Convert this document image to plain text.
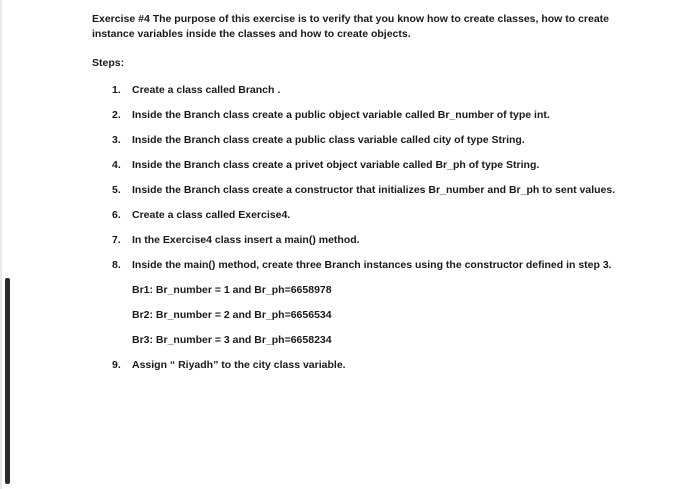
Exercise #4 The purpose of this exercise is to verify that you know how to create classes, how to create instance variables inside the classes and how to create objects.

Steps:

1. Create a class called Branch .
2. Inside the Branch class create a public object variable called Br_number of type int.
3. Inside the Branch class create a public class variable called city of type String.
4. Inside the Branch class create a privet object variable called Br_ph of type String.
5. Inside the Branch class create a constructor that initializes Br_number and Br_ph to sent values.
6. Create a class called Exercise4.
7. In the Exercise4 class insert a main() method.
8. Inside the main() method, create three Branch instances using the constructor defined in step 3.
Br1: Br_number = 1 and Br_ph=6658978
Br2: Br_number = 2 and Br_ph=6656534
Br3: Br_number = 3 and Br_ph=6658234
9. Assign “ Riyadh” to the city class variable.
